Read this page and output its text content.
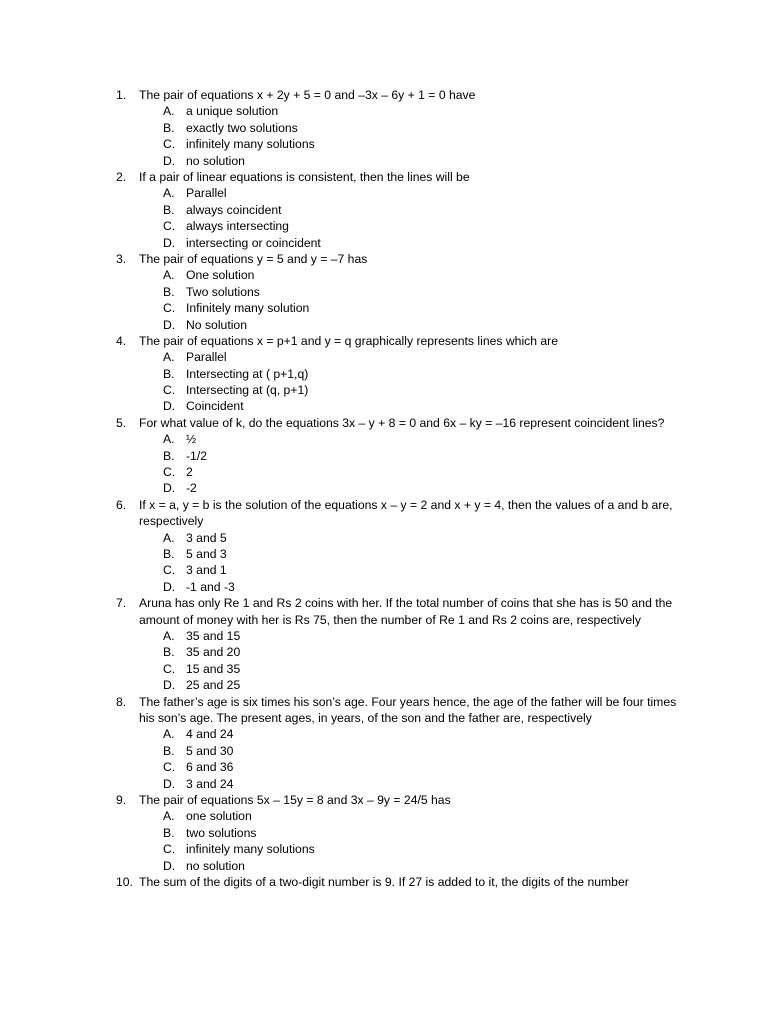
1. The pair of equations x + 2y + 5 = 0 and –3x – 6y + 1 = 0 have
A. a unique solution
B. exactly two solutions
C. infinitely many solutions
D. no solution
2. If a pair of linear equations is consistent, then the lines will be
A. Parallel
B. always coincident
C. always intersecting
D. intersecting or coincident
3. The pair of equations y = 5 and y = –7 has
A. One solution
B. Two solutions
C. Infinitely many solution
D. No solution
4. The pair of equations x = p+1 and y = q graphically represents lines which are
A. Parallel
B. Intersecting at ( p+1,q)
C. Intersecting at (q, p+1)
D. Coincident
5. For what value of k, do the equations 3x – y + 8 = 0 and 6x – ky = –16 represent coincident lines?
A. ½
B. -1/2
C. 2
D. -2
6. If x = a, y = b is the solution of the equations x – y = 2 and x + y = 4, then the values of a and b are, respectively
A. 3 and 5
B. 5 and 3
C. 3 and 1
D. -1 and -3
7. Aruna has only Re 1 and Rs 2 coins with her. If the total number of coins that she has is 50 and the amount of money with her is Rs 75, then the number of Re 1 and Rs 2 coins are, respectively
A. 35 and 15
B. 35 and 20
C. 15 and 35
D. 25 and 25
8. The father’s age is six times his son’s age. Four years hence, the age of the father will be four times his son’s age. The present ages, in years, of the son and the father are, respectively
A. 4 and 24
B. 5 and 30
C. 6 and 36
D. 3 and 24
9. The pair of equations 5x – 15y = 8 and 3x – 9y = 24/5 has
A. one solution
B. two solutions
C. infinitely many solutions
D. no solution
10. The sum of the digits of a two-digit number is 9. If 27 is added to it, the digits of the number
